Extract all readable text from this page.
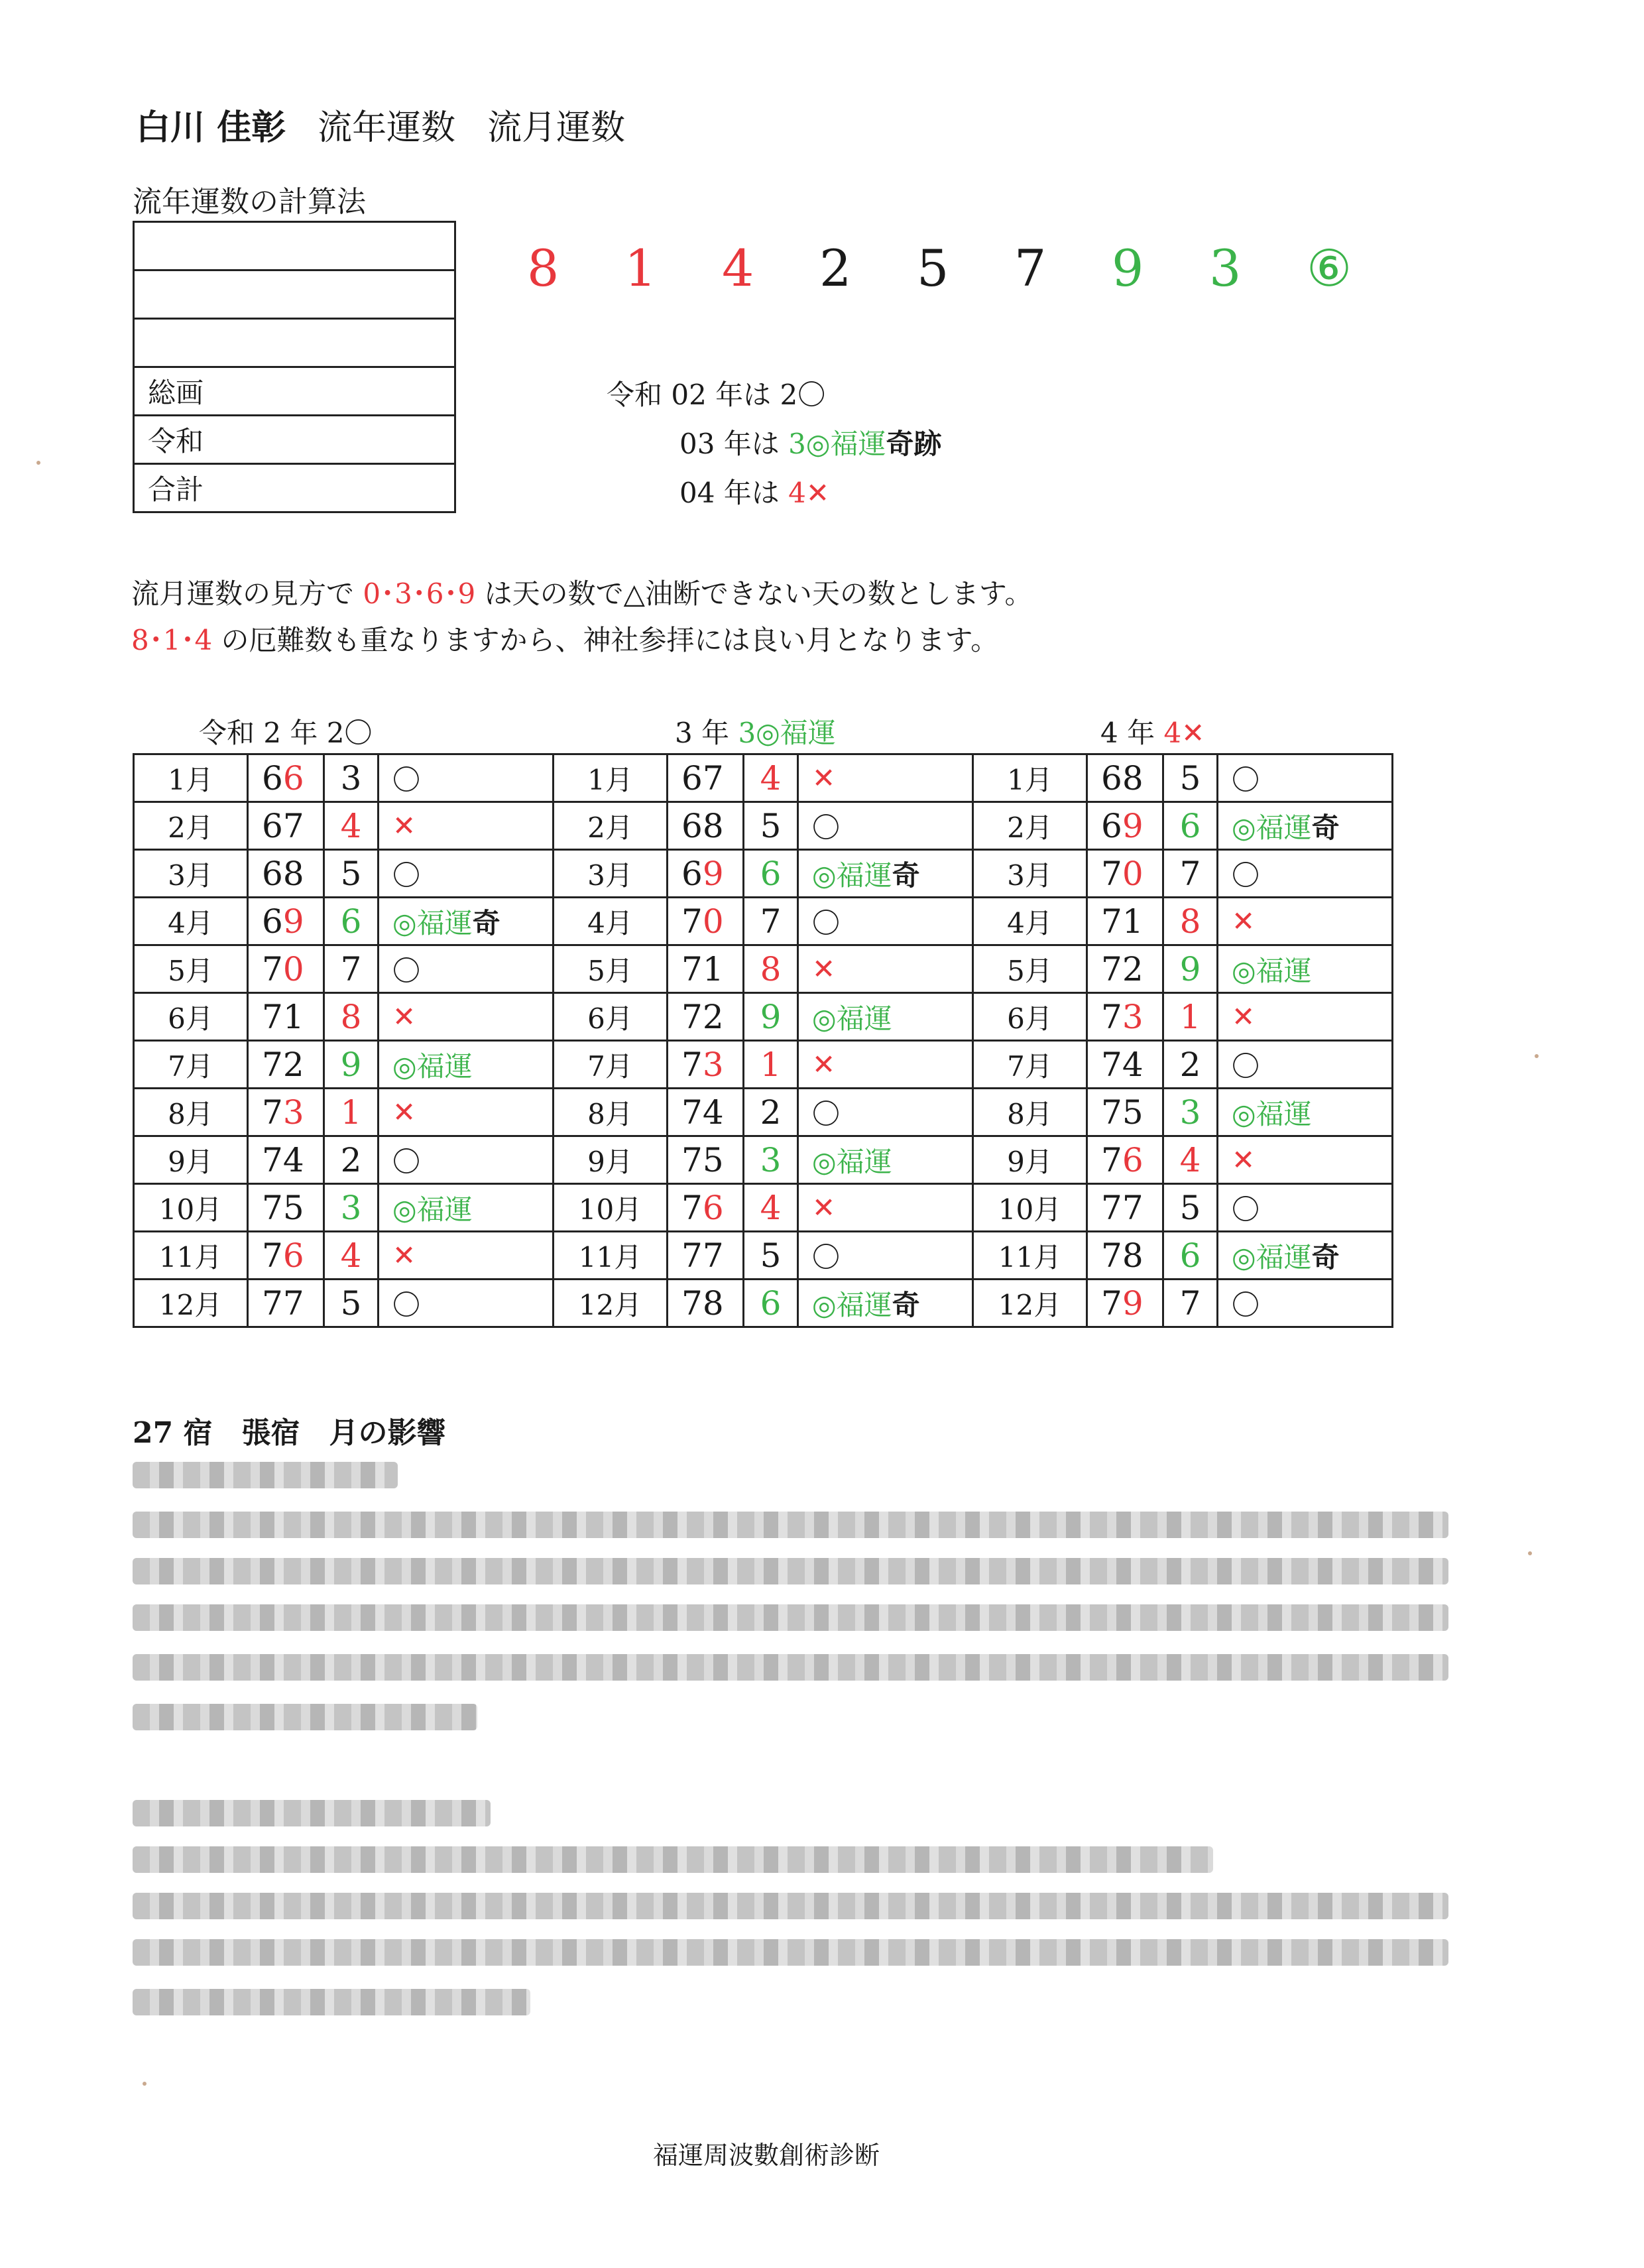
白川 佳彰 流年運数 流月運数
流年運数の計算法

総画
令和
合計
8 1 4 2 5 7 9 3 ⑥
令和 02 年は 2〇
03 年は 3◎福運奇跡
04 年は 4✕
流月運数の見方で 0･3･6･9 は天の数で△油断できない天の数とします。
8･1･4 の厄難数も重なりますから、神社参拝には良い月となります。
令和 2 年 2〇	3 年 3◎福運	4 年 4✕
1月	66	3	〇	1月	67	4	✕	1月	68	5	〇
2月	67	4	✕	2月	68	5	〇	2月	69	6	◎福運奇
3月	68	5	〇	3月	69	6	◎福運奇	3月	70	7	〇
4月	69	6	◎福運奇	4月	70	7	〇	4月	71	8	✕
5月	70	7	〇	5月	71	8	✕	5月	72	9	◎福運
6月	71	8	✕	6月	72	9	◎福運	6月	73	1	✕
7月	72	9	◎福運	7月	73	1	✕	7月	74	2	〇
8月	73	1	✕	8月	74	2	〇	8月	75	3	◎福運
9月	74	2	〇	9月	75	3	◎福運	9月	76	4	✕
10月	75	3	◎福運	10月	76	4	✕	10月	77	5	〇
11月	76	4	✕	11月	77	5	〇	11月	78	6	◎福運奇
12月	77	5	〇	12月	78	6	◎福運奇	12月	79	7	〇
27 宿　張宿　月の影響
福運周波數創術診断
